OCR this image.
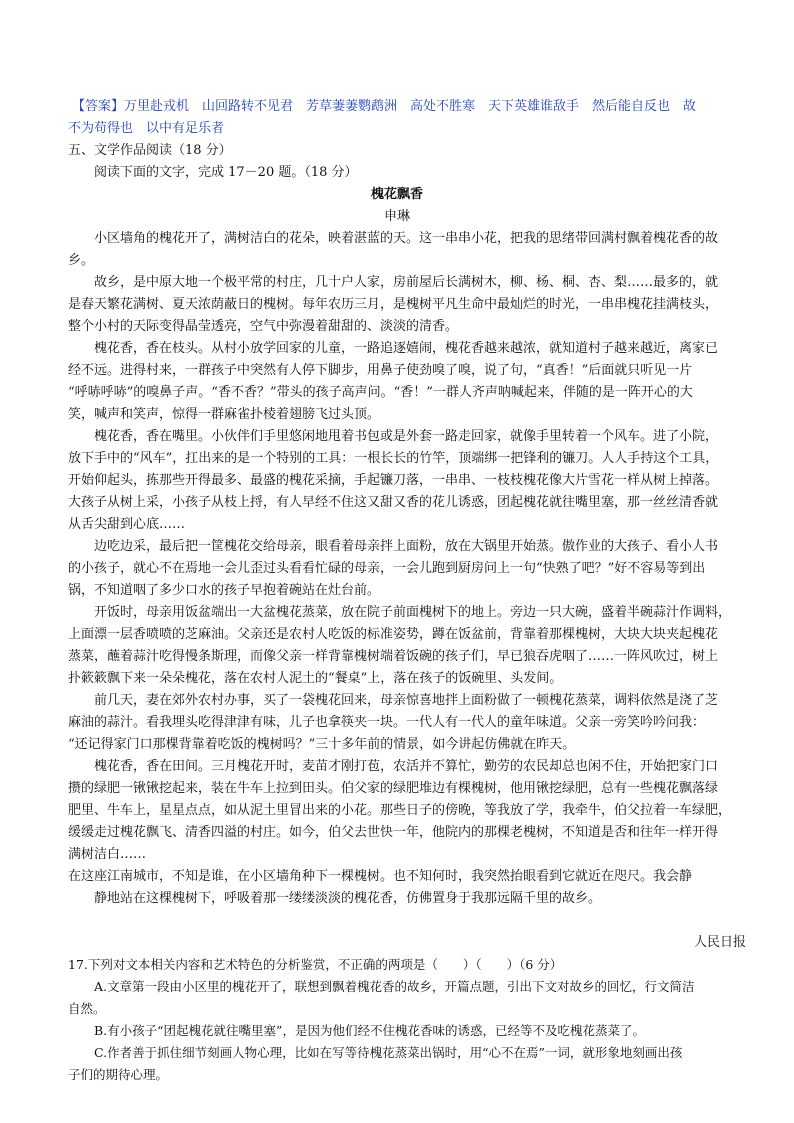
【答案】万里赴戎机　山回路转不见君　芳草萋萋鹦鹉洲　高处不胜寒　天下英雄谁敌手　然后能自反也　故
不为苟得也　以中有足乐者
五、文学作品阅读（18 分）
阅读下面的文字，完成 17－20 题。（18 分）
槐花飘香
申琳
小区墙角的槐花开了，满树洁白的花朵，映着湛蓝的天。这一串串小花，把我的思绪带回满村飘着槐花香的故
乡。
故乡，是中原大地一个极平常的村庄，几十户人家，房前屋后长满树木，柳、杨、桐、杏、梨……最多的，就
是春天繁花满树、夏天浓荫蔽日的槐树。每年农历三月，是槐树平凡生命中最灿烂的时光，一串串槐花挂满枝头，
整个小村的天际变得晶莹透亮，空气中弥漫着甜甜的、淡淡的清香。
槐花香，香在枝头。从村小放学回家的儿童，一路追逐嬉闹，槐花香越来越浓，就知道村子越来越近，离家已
经不远。进得村来，一群孩子中突然有人停下脚步，用鼻子使劲嗅了嗅，说了句，“真香！”后面就只听见一片
“呼哧呼哧”的嗅鼻子声。“香不香？”带头的孩子高声问。“香！”一群人齐声呐喊起来，伴随的是一阵开心的大
笑，喊声和笑声，惊得一群麻雀扑棱着翅膀飞过头顶。
槐花香，香在嘴里。小伙伴们手里悠闲地甩着书包或是外套一路走回家，就像手里转着一个风车。进了小院，
放下手中的“风车”，扛出来的是一个特别的工具：一根长长的竹竿，顶端绑一把锋利的镰刀。人人手持这个工具，
开始仰起头，拣那些开得最多、最盛的槐花采摘，手起镰刀落，一串串、一枝枝槐花像大片雪花一样从树上掉落。
大孩子从树上采，小孩子从枝上捋，有人早经不住这又甜又香的花儿诱惑，团起槐花就往嘴里塞，那一丝丝清香就
从舌尖甜到心底……
边吃边采，最后把一筐槐花交给母亲，眼看着母亲拌上面粉，放在大锅里开始蒸。傲作业的大孩子、看小人书
的小孩子，就心不在焉地一会儿歪过头看看忙碌的母亲，一会儿跑到厨房问上一句“快熟了吧？”好不容易等到出
锅，不知道咽了多少口水的孩子早抱着碗站在灶台前。
开饭时，母亲用饭盆端出一大盆槐花蒸菜，放在院子前面槐树下的地上。旁边一只大碗，盛着半碗蒜汁作调料，
上面漂一层香喷喷的芝麻油。父亲还是农村人吃饭的标准姿势，蹲在饭盆前，背靠着那棵槐树，大块大块夹起槐花
蒸菜，蘸着蒜汁吃得慢条斯理，而像父亲一样背靠槐树端着饭碗的孩子们，早已狼吞虎咽了……一阵风吹过，树上
扑簌簌飘下来一朵朵槐花，落在农村人泥土的“餐桌”上，落在孩子的饭碗里、头发间。
前几天，妻在郊外农村办事，买了一袋槐花回来，母亲惊喜地拌上面粉做了一顿槐花蒸菜，调料依然是浇了芝
麻油的蒜汁。看我埋头吃得津津有味，儿子也拿筷夹一块。一代人有一代人的童年味道。父亲一旁笑吟吟问我：
“还记得家门口那棵背靠着吃饭的槐树吗？”三十多年前的情景，如今讲起仿佛就在昨天。
槐花香，香在田间。三月槐花开时，麦苗才刚打苞，农活并不算忙，勤劳的农民却总也闲不住，开始把家门口
攒的绿肥一锹锹挖起来，装在牛车上拉到田头。伯父家的绿肥堆边有棵槐树，他用锹挖绿肥，总有一些槐花飘落绿
肥里、牛车上，星星点点，如从泥土里冒出来的小花。那些日子的傍晚，等我放了学，我牵牛，伯父拉着一车绿肥，
缓缓走过槐花飘飞、清香四溢的村庄。如今，伯父去世快一年，他院内的那棵老槐树，不知道是否和往年一样开得
满树洁白……
在这座江南城市，不知是谁，在小区墙角种下一棵槐树。也不知何时，我突然抬眼看到它就近在咫尺。我会静
静地站在这棵槐树下，呼吸着那一缕缕淡淡的槐花香，仿佛置身于我那远隔千里的故乡。
人民日报
17.下列对文本相关内容和艺术特色的分析鉴赏，不正确的两项是（　　）（　　）（6 分）
A.文章第一段由小区里的槐花开了，联想到飘着槐花香的故乡，开篇点题，引出下文对故乡的回忆，行文简洁
自然。
B.有小孩子“团起槐花就往嘴里塞”，是因为他们经不住槐花香味的诱惑，已经等不及吃槐花蒸菜了。
C.作者善于抓住细节刻画人物心理，比如在写等待槐花蒸菜出锅时，用“心不在焉”一词，就形象地刻画出孩
子们的期待心理。
